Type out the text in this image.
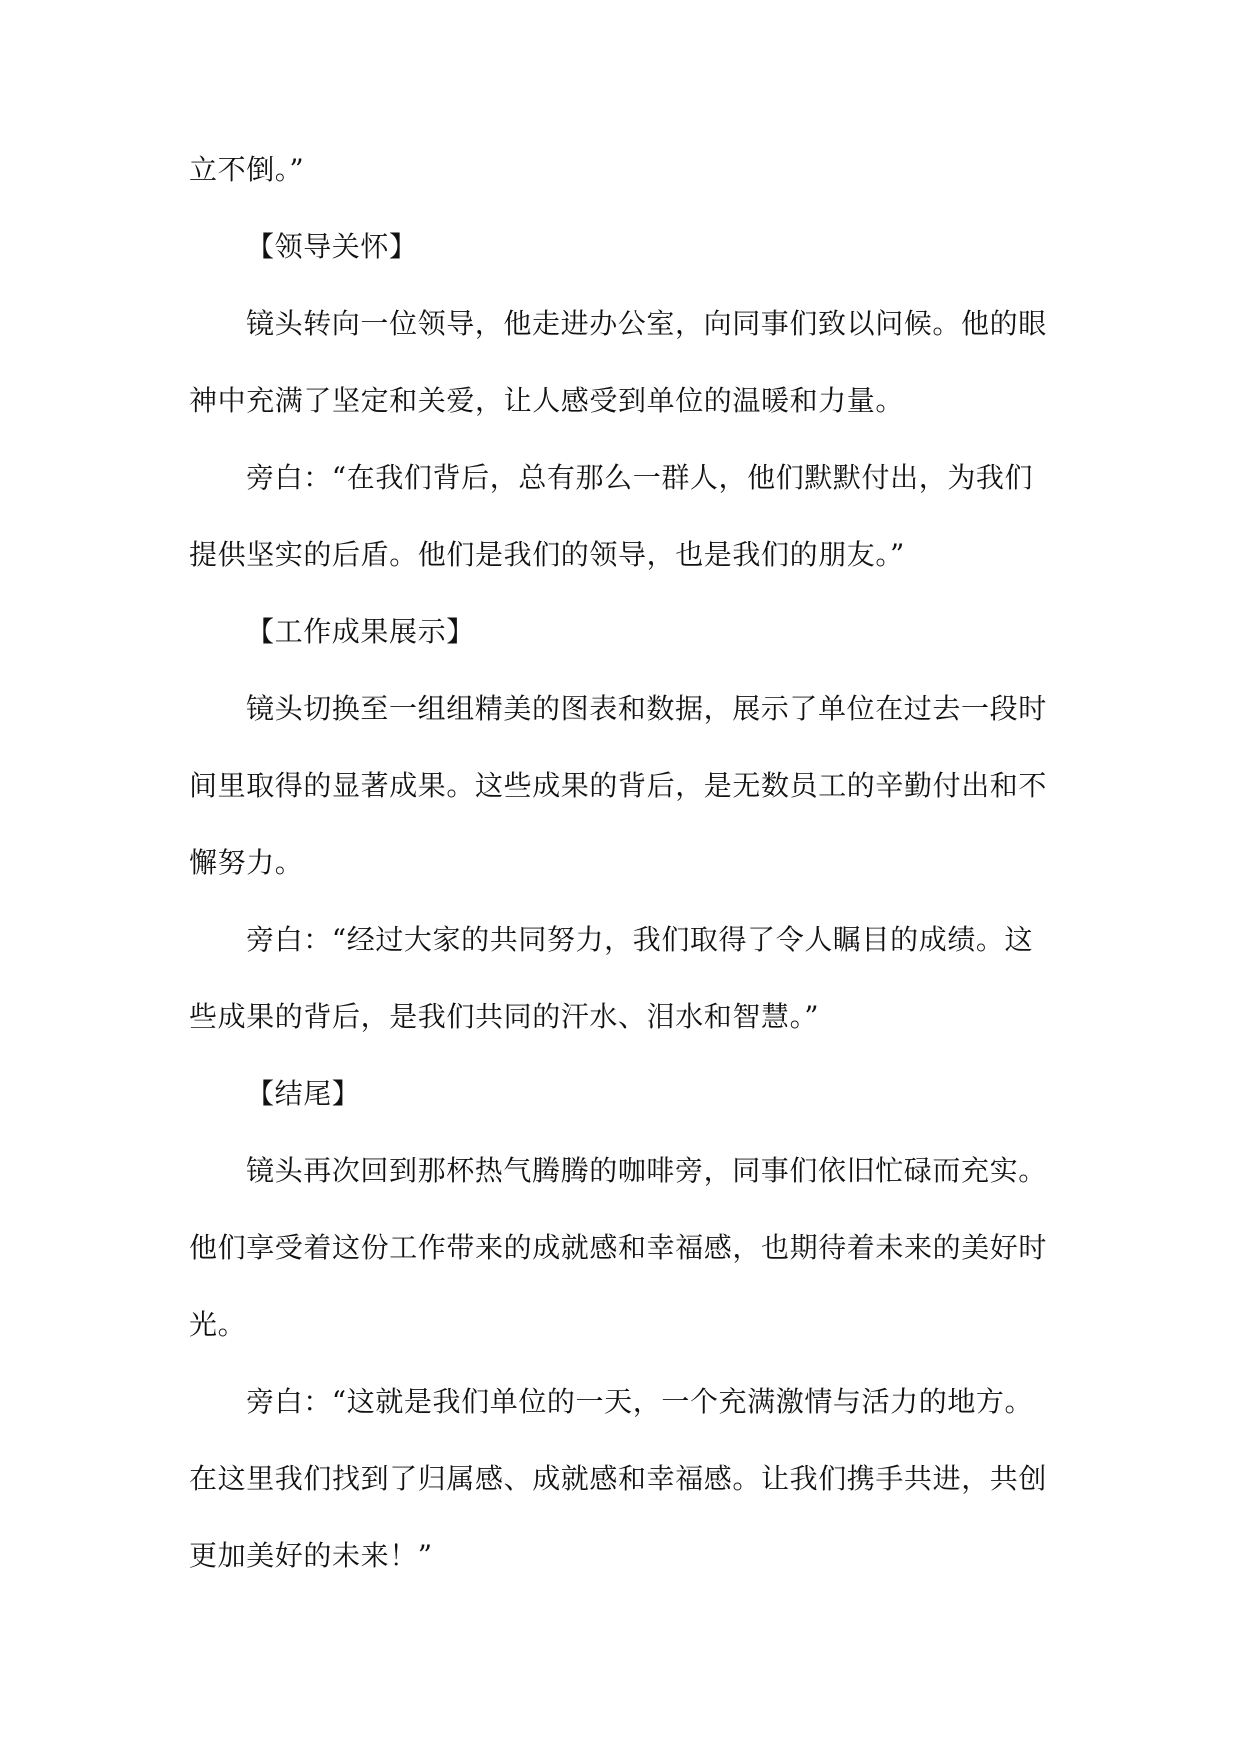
立不倒。”
【领导关怀】
镜头转向一位领导，他走进办公室，向同事们致以问候。他的眼
神中充满了坚定和关爱，让人感受到单位的温暖和力量。
旁白：“在我们背后，总有那么一群人，他们默默付出，为我们
提供坚实的后盾。他们是我们的领导，也是我们的朋友。”
【工作成果展示】
镜头切换至一组组精美的图表和数据，展示了单位在过去一段时
间里取得的显著成果。这些成果的背后，是无数员工的辛勤付出和不
懈努力。
旁白：“经过大家的共同努力，我们取得了令人瞩目的成绩。这
些成果的背后，是我们共同的汗水、泪水和智慧。”
【结尾】
镜头再次回到那杯热气腾腾的咖啡旁，同事们依旧忙碌而充实。
他们享受着这份工作带来的成就感和幸福感，也期待着未来的美好时
光。
旁白：“这就是我们单位的一天，一个充满激情与活力的地方。
在这里我们找到了归属感、成就感和幸福感。让我们携手共进，共创
更加美好的未来！”
